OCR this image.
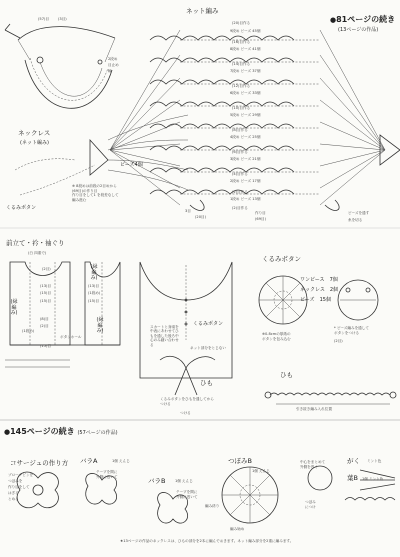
ネット編み
●81ページの続き
(13ページの作品)
ネックレス
(ネット編み)
ビーズ4個
※ 8段めは前段の2目めから
(69目)の作り目
作り目をして1 を段差なして
編み進む
2段め
目止め
輪
(57)目	(3目)
9段め ビーズ 45個
8段め ビーズ 41個
7段め ビーズ 37個
6段め ビーズ 33個
5段め ビーズ 29個
4段め ビーズ 25個
3段め ビーズ 21個
2段め ビーズ 17個
1段め ビーズ 13個
(20)目作る
(16)目作る
(14)目作る
(12)目作る
(10)目作る
(8)目作る
(6)目作る
(4)目作る
(2)目作る
(2)目作る
くるみボタン
ビーズを通す
糸を切る
3目
(20目)
作り目
(69目)
前立て・衿・袖ぐり
(白 四重で)
(縁編み)
(縁編み)
(縁編み)
(2目)
(13)目
(15)目
(15)目
(8)目
(2)目
(1段め)
(13)目
(1段め)
(15)目
ボタンホール
(15)目
スカートと身頃を中表にあわせてひもを通した後ろ中心のみ縫い合わせる
くるみボタン
ネット部分をとじない
ひも
くるみボタンをひもを通してから
つける
つける
くるみボタン
ワンピース　 7個
ネックレス　 2個
ビーズ　 15個
※0.8cmの厚紙の
ボタンを包み込む
* ビーズ編みを通して
ボタンをつける
(2目)
ひも
引き抜き編み入れ位置
●145ページの続き (57ページの作品)
コサージュの作り方 バラA	1個 えんじ
バラB	1個 えんじ
つぼみB
1個 えんじ
がく ミント色
葉B 1個 ミント色
ブローチピンを
つぼみを
作り目をして
はぎる
とめる
テープを間に
外側に巻いて
テープを間に
外側に巻いて
中心をまとめて
外側を巻く
つぼみ
につけ
編み終り
編み始め
★13ページの作品のネックレスは、ひもの部分を2本に編んでおきます。ネット編み部分を2重に編みます。
